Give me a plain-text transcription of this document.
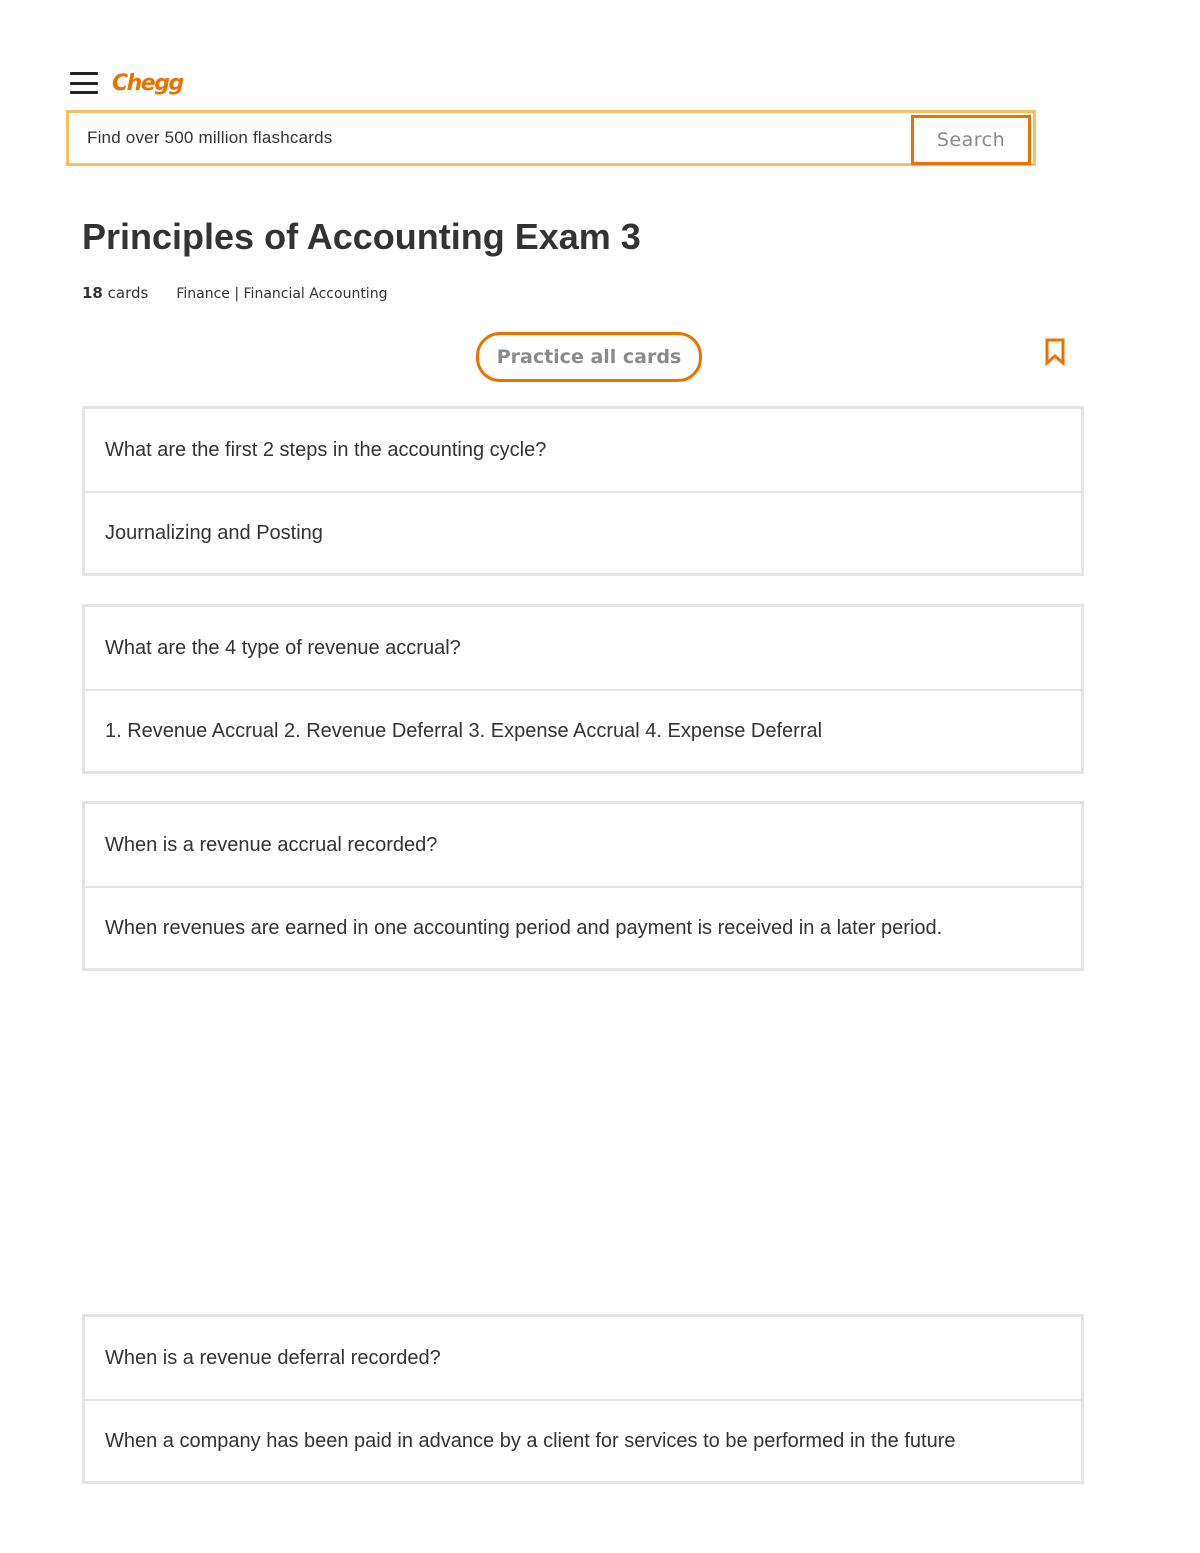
Chegg
Find over 500 million flashcards
Search
Principles of Accounting Exam 3
18 cards Finance | Financial Accounting
Practice all cards
What are the first 2 steps in the accounting cycle?
Journalizing and Posting
What are the 4 type of revenue accrual?
1. Revenue Accrual 2. Revenue Deferral 3. Expense Accrual 4. Expense Deferral
When is a revenue accrual recorded?
When revenues are earned in one accounting period and payment is received in a later period.
When is a revenue deferral recorded?
When a company has been paid in advance by a client for services to be performed in the future
